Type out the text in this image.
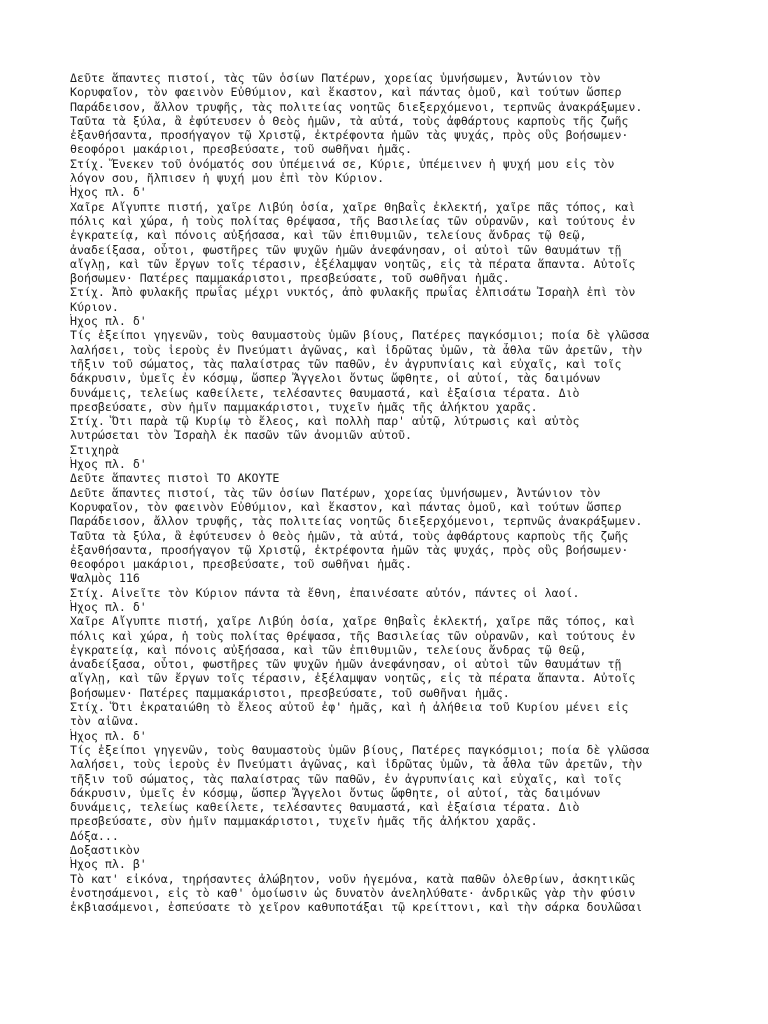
Δεῦτε ἅπαντες πιστοί, τὰς τῶν ὁσίων Πατέρων, χορείας ὑμνήσωμεν, Ἀντώνιον τὸν
Κορυφαῖον, τὸν φαεινὸν Εὐθύμιον, καὶ ἕκαστον, καὶ πάντας ὁμοῦ, καὶ τούτων ὥσπερ
Παράδεισον, ἄλλον τρυφῆς, τὰς πολιτείας νοητῶς διεξερχόμενοι, τερπνῶς ἀνακράξωμεν.
Ταῦτα τὰ ξύλα, ἃ ἐφύτευσεν ὁ Θεὸς ἡμῶν, τὰ αὐτά, τοὺς ἀφθάρτους καρποὺς τῆς ζωῆς
ἐξανθήσαντα, προσήγαγον τῷ Χριστῷ, ἐκτρέφοντα ἡμῶν τὰς ψυχάς, πρὸς οὓς βοήσωμεν·
θεοφόροι μακάριοι, πρεσβεύσατε, τοῦ σωθῆναι ἡμᾶς.
Στίχ. Ἕνεκεν τοῦ ὀνόματός σου ὑπέμεινά σε, Κύριε, ὑπέμεινεν ἡ ψυχή μου εἰς τὸν
λόγον σου, ἤλπισεν ἡ ψυχή μου ἐπὶ τὸν Κύριον.
Ἦχος πλ. δ'
Χαῖρε Αἴγυπτε πιστή, χαῖρε Λιβύη ὁσία, χαῖρε Θηβαῒς ἐκλεκτή, χαῖρε πᾶς τόπος, καὶ
πόλις καὶ χώρα, ἡ τοὺς πολίτας θρέψασα, τῆς Βασιλείας τῶν οὐρανῶν, καὶ τούτους ἐν
ἐγκρατείᾳ, καὶ πόνοις αὐξήσασα, καὶ τῶν ἐπιθυμιῶν, τελείους ἄνδρας τῷ Θεῷ,
ἀναδείξασα, οὗτοι, φωστῆρες τῶν ψυχῶν ἡμῶν ἀνεφάνησαν, οἱ αὐτοὶ τῶν θαυμάτων τῇ
αἴγλῃ, καὶ τῶν ἔργων τοῖς τέρασιν, ἐξέλαμψαν νοητῶς, εἰς τὰ πέρατα ἅπαντα. Αὐτοῖς
βοήσωμεν· Πατέρες παμμακάριστοι, πρεσβεύσατε, τοῦ σωθῆναι ἡμᾶς.
Στίχ. Ἀπὸ φυλακῆς πρωΐας μέχρι νυκτός, ἀπὸ φυλακῆς πρωΐας ἐλπισάτω Ἰσραὴλ ἐπὶ τὸν
Κύριον.
Ἦχος πλ. δ'
Τίς ἐξείποι γηγενῶν, τοὺς θαυμαστοὺς ὑμῶν βίους, Πατέρες παγκόσμιοι; ποία δὲ γλῶσσα
λαλήσει, τοὺς ἱεροὺς ἐν Πνεύματι ἀγῶνας, καὶ ἱδρῶτας ὑμῶν, τὰ ἆθλα τῶν ἀρετῶν, τὴν
τῆξιν τοῦ σώματος, τὰς παλαίστρας τῶν παθῶν, ἐν ἀγρυπνίαις καὶ εὐχαῖς, καὶ τοῖς
δάκρυσιν, ὑμεῖς ἐν κόσμῳ, ὥσπερ Ἄγγελοι ὄντως ὤφθητε, οἱ αὐτοί, τὰς δαιμόνων
δυνάμεις, τελείως καθείλετε, τελέσαντες θαυμαστά, καὶ ἐξαίσια τέρατα. Διὸ
πρεσβεύσατε, σὺν ἡμῖν παμμακάριστοι, τυχεῖν ἡμᾶς τῆς ἀλήκτου χαρᾶς.
Στίχ. Ὅτι παρὰ τῷ Κυρίῳ τὸ ἔλεος, καὶ πολλὴ παρ' αὐτῷ, λύτρωσις καὶ αὐτὸς
λυτρώσεται τὸν Ἰσραὴλ ἐκ πασῶν τῶν ἀνομιῶν αὐτοῦ.
Στιχηρὰ
Ἦχος πλ. δ'
Δεῦτε ἅπαντες πιστοὶ ΤΟ ΑΚΟΥΤΕ
Δεῦτε ἅπαντες πιστοί, τὰς τῶν ὁσίων Πατέρων, χορείας ὑμνήσωμεν, Ἀντώνιον τὸν
Κορυφαῖον, τὸν φαεινὸν Εὐθύμιον, καὶ ἕκαστον, καὶ πάντας ὁμοῦ, καὶ τούτων ὥσπερ
Παράδεισον, ἄλλον τρυφῆς, τὰς πολιτείας νοητῶς διεξερχόμενοι, τερπνῶς ἀνακράξωμεν.
Ταῦτα τὰ ξύλα, ἃ ἐφύτευσεν ὁ Θεὸς ἡμῶν, τὰ αὐτά, τοὺς ἀφθάρτους καρποὺς τῆς ζωῆς
ἐξανθήσαντα, προσήγαγον τῷ Χριστῷ, ἐκτρέφοντα ἡμῶν τὰς ψυχάς, πρὸς οὓς βοήσωμεν·
θεοφόροι μακάριοι, πρεσβεύσατε, τοῦ σωθῆναι ἡμᾶς.
Ψαλμὸς 116
Στίχ. Αἰνεῖτε τὸν Κύριον πάντα τὰ ἔθνη, ἐπαινέσατε αὐτόν, πάντες οἱ λαοί.
Ἦχος πλ. δ'
Χαῖρε Αἴγυπτε πιστή, χαῖρε Λιβύη ὁσία, χαῖρε Θηβαῒς ἐκλεκτή, χαῖρε πᾶς τόπος, καὶ
πόλις καὶ χώρα, ἡ τοὺς πολίτας θρέψασα, τῆς Βασιλείας τῶν οὐρανῶν, καὶ τούτους ἐν
ἐγκρατείᾳ, καὶ πόνοις αὐξήσασα, καὶ τῶν ἐπιθυμιῶν, τελείους ἄνδρας τῷ Θεῷ,
ἀναδείξασα, οὗτοι, φωστῆρες τῶν ψυχῶν ἡμῶν ἀνεφάνησαν, οἱ αὐτοὶ τῶν θαυμάτων τῇ
αἴγλῃ, καὶ τῶν ἔργων τοῖς τέρασιν, ἐξέλαμψαν νοητῶς, εἰς τὰ πέρατα ἅπαντα. Αὐτοῖς
βοήσωμεν· Πατέρες παμμακάριστοι, πρεσβεύσατε, τοῦ σωθῆναι ἡμᾶς.
Στίχ. Ὅτι ἐκραταιώθη τὸ ἔλεος αὐτοῦ ἐφ' ἡμᾶς, καὶ ἡ ἀλήθεια τοῦ Κυρίου μένει εἰς
τὸν αἰῶνα.
Ἦχος πλ. δ'
Τίς ἐξείποι γηγενῶν, τοὺς θαυμαστοὺς ὑμῶν βίους, Πατέρες παγκόσμιοι; ποία δὲ γλῶσσα
λαλήσει, τοὺς ἱεροὺς ἐν Πνεύματι ἀγῶνας, καὶ ἱδρῶτας ὑμῶν, τὰ ἆθλα τῶν ἀρετῶν, τὴν
τῆξιν τοῦ σώματος, τὰς παλαίστρας τῶν παθῶν, ἐν ἀγρυπνίαις καὶ εὐχαῖς, καὶ τοῖς
δάκρυσιν, ὑμεῖς ἐν κόσμῳ, ὥσπερ Ἄγγελοι ὄντως ὤφθητε, οἱ αὐτοί, τὰς δαιμόνων
δυνάμεις, τελείως καθείλετε, τελέσαντες θαυμαστά, καὶ ἐξαίσια τέρατα. Διὸ
πρεσβεύσατε, σὺν ἡμῖν παμμακάριστοι, τυχεῖν ἡμᾶς τῆς ἀλήκτου χαρᾶς.
Δόξα...
Δοξαστικὸν
Ἦχος πλ. β'
Τὸ κατ' εἰκόνα, τηρήσαντες ἀλώβητον, νοῦν ἡγεμόνα, κατὰ παθῶν ὀλεθρίων, ἀσκητικῶς
ἐνστησάμενοι, εἰς τὸ καθ' ὁμοίωσιν ὡς δυνατὸν ἀνεληλύθατε· ἀνδρικῶς γὰρ τὴν φύσιν
ἐκβιασάμενοι, ἐσπεύσατε τὸ χεῖρον καθυποτάξαι τῷ κρείττονι, καὶ τὴν σάρκα δουλῶσαι
